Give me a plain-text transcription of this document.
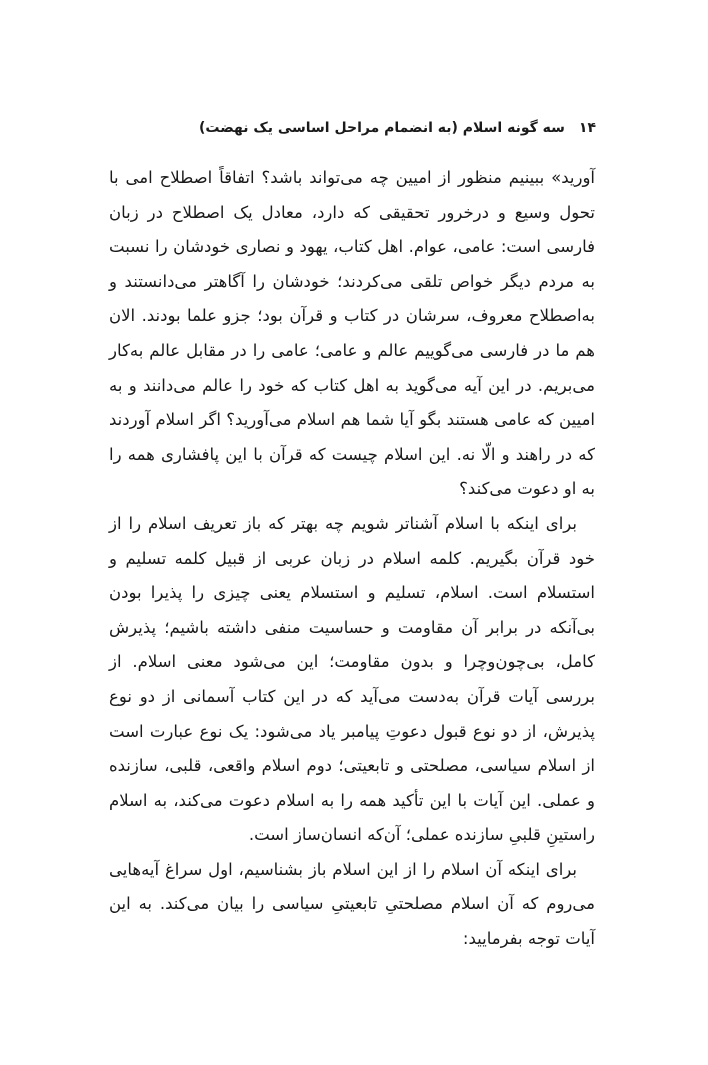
۱۴
سه گونه اسلام (به انضمام مراحل اساسی یک نهضت)

آورید» ببینیم منظور از امیین چه می‌تواند باشد؟ اتفاقاً اصطلاح امی با تحول وسیع و درخرور تحقیقی که دارد، معادل یک اصطلاح در زبان فارسی است: عامی، عوام. اهل کتاب، یهود و نصاری خودشان را نسبت به مردم دیگر خواص تلقی می‌کردند؛ خودشان را آگاهتر می‌دانستند و به‌اصطلاح معروف، سرشان در کتاب و قرآن بود؛ جزو علما بودند. الان هم ما در فارسی می‌گوییم عالم و عامی؛ عامی را در مقابل عالم به‌کار می‌بریم. در این آیه می‌گوید به اهل کتاب که خود را عالم می‌دانند و به امیین که عامی هستند بگو آیا شما هم اسلام می‌آورید؟ اگر اسلام آوردند که در راهند و الّا نه. این اسلام چیست که قرآن با این پافشاری همه را به او دعوت می‌کند؟

برای اینکه با اسلام آشناتر شویم چه بهتر که باز تعریف اسلام را از خود قرآن بگیریم. کلمه اسلام در زبان عربی از قبیل کلمه تسلیم و استسلام است. اسلام، تسلیم و استسلام یعنی چیزی را پذیرا بودن بی‌آنکه در برابر آن مقاومت و حساسیت منفی داشته باشیم؛ پذیرش کامل، بی‌چون‌وچرا و بدون مقاومت؛ این می‌شود معنی اسلام. از بررسی آیات قرآن به‌دست می‌آید که در این کتاب آسمانی از دو نوع پذیرش، از دو نوع قبول دعوتِ پیامبر یاد می‌شود: یک نوع عبارت است از اسلام سیاسی، مصلحتی و تابعیتی؛ دوم اسلام واقعی، قلبی، سازنده و عملی. این آیات با این تأکید همه را به اسلام دعوت می‌کند، به اسلام راستینِ قلبیِ سازنده عملی؛ آن‌که انسان‌ساز است.

برای اینکه آن اسلام را از این اسلام باز بشناسیم، اول سراغ آیه‌هایی می‌روم که آن اسلام مصلحتیِ تابعیتیِ سیاسی را بیان می‌کند. به این آیات توجه بفرمایید:
